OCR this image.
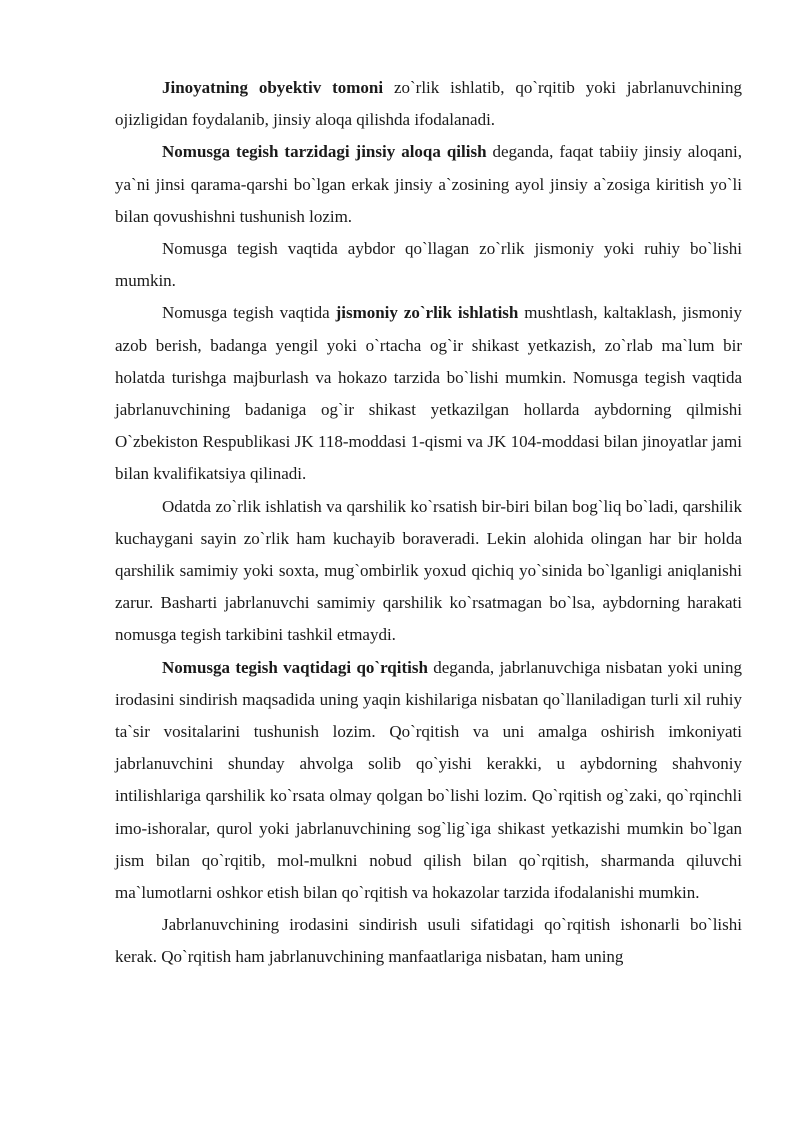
Jinoyatning obyektiv tomoni zo`rlik ishlatib, qo`rqitib yoki jabrlanuvchining ojizligidan foydalanib, jinsiy aloqa qilishda ifodalanadi.

Nomusga tegish tarzidagi jinsiy aloqa qilish deganda, faqat tabiiy jinsiy aloqani, ya`ni jinsi qarama-qarshi bo`lgan erkak jinsiy a`zosining ayol jinsiy a`zosiga kiritish yo`li bilan qovushishni tushunish lozim.

Nomusga tegish vaqtida aybdor qo`llagan zo`rlik jismoniy yoki ruhiy bo`lishi mumkin.

Nomusga tegish vaqtida jismoniy zo`rlik ishlatish mushtlash, kaltaklash, jismoniy azob berish, badanga yengil yoki o`rtacha og`ir shikast yetkazish, zo`rlab ma`lum bir holatda turishga majburlash va hokazo tarzida bo`lishi mumkin. Nomusga tegish vaqtida jabrlanuvchining badaniga og`ir shikast yetkazilgan hollarda aybdorning qilmishi O`zbekiston Respublikasi JK 118-moddasi 1-qismi va JK 104-moddasi bilan jinoyatlar jami bilan kvalifikatsiya qilinadi.

Odatda zo`rlik ishlatish va qarshilik ko`rsatish bir-biri bilan bog`liq bo`ladi, qarshilik kuchaygani sayin zo`rlik ham kuchayib boraveradi. Lekin alohida olingan har bir holda qarshilik samimiy yoki soxta, mug`ombirlik yoxud qichiq yo`sinida bo`lganligi aniqlanishi zarur. Basharti jabrlanuvchi samimiy qarshilik ko`rsatmagan bo`lsa, aybdorning harakati nomusga tegish tarkibini tashkil etmaydi.

Nomusga tegish vaqtidagi qo`rqitish deganda, jabrlanuvchiga nisbatan yoki uning irodasini sindirish maqsadida uning yaqin kishilariga nisbatan qo`llaniladigan turli xil ruhiy ta`sir vositalarini tushunish lozim. Qo`rqitish va uni amalga oshirish imkoniyati jabrlanuvchini shunday ahvolga solib qo`yishi kerakki, u aybdorning shahvoniy intilishlariga qarshilik ko`rsata olmay qolgan bo`lishi lozim. Qo`rqitish og`zaki, qo`rqinchli imo-ishoralar, qurol yoki jabrlanuvchining sog`lig`iga shikast yetkazishi mumkin bo`lgan jism bilan qo`rqitib, mol-mulkni nobud qilish bilan qo`rqitish, sharmanda qiluvchi ma`lumotlarni oshkor etish bilan qo`rqitish va hokazolar tarzida ifodalanishi mumkin.

Jabrlanuvchining irodasini sindirish usuli sifatidagi qo`rqitish ishonarli bo`lishi kerak. Qo`rqitish ham jabrlanuvchining manfaatlariga nisbatan, ham uning
